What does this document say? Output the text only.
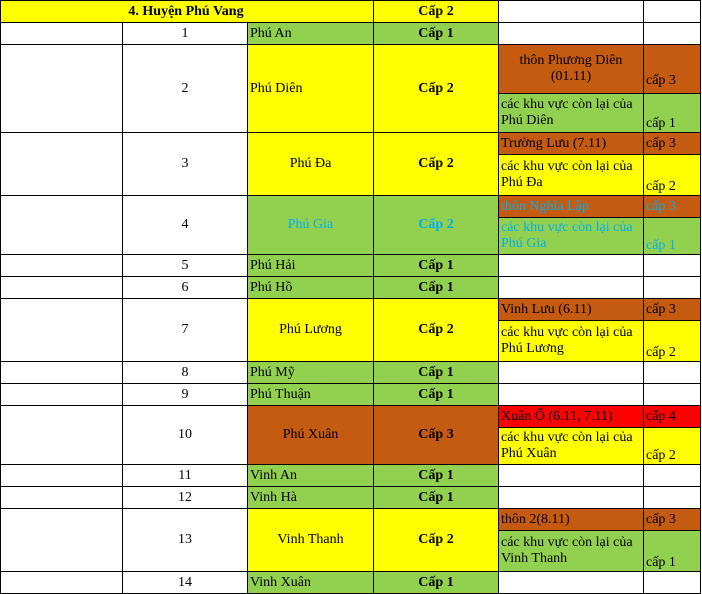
4. Huyện Phú Vang			Cấp 2		
	1	Phú An	Cấp 1		
	2	Phú Diên	Cấp 2	thôn Phương Diên (01.11)	cấp 3
				các khu vực còn lại của Phú Diên	cấp 1
	3	Phú Đa	Cấp 2	Trường Lưu (7.11)	cấp 3
				các khu vực còn lại của Phú Đa	cấp 2
	4	Phú Gia	Cấp 2	thôn Nghĩa Lập	cấp 3
				các khu vực còn lại của Phú Gia	cấp 1
	5	Phú Hải	Cấp 1		
	6	Phú Hồ	Cấp 1		
	7	Phú Lương	Cấp 2	Vinh Lưu (6.11)	cấp 3
				các khu vực còn lại của Phú Lương	cấp 2
	8	Phú Mỹ	Cấp 1		
	9	Phú Thuận	Cấp 1		
	10	Phú Xuân	Cấp 3	Xuân Ổ (6.11, 7.11)	cấp 4
				các khu vực còn lại của Phú Xuân	cấp 2
	11	Vinh An	Cấp 1		
	12	Vinh Hà	Cấp 1		
	13	Vinh Thanh	Cấp 2	thôn 2(8.11)	cấp 3
				các khu vực còn lại của Vinh Thanh	cấp 1
	14	Vinh Xuân	Cấp 1		
